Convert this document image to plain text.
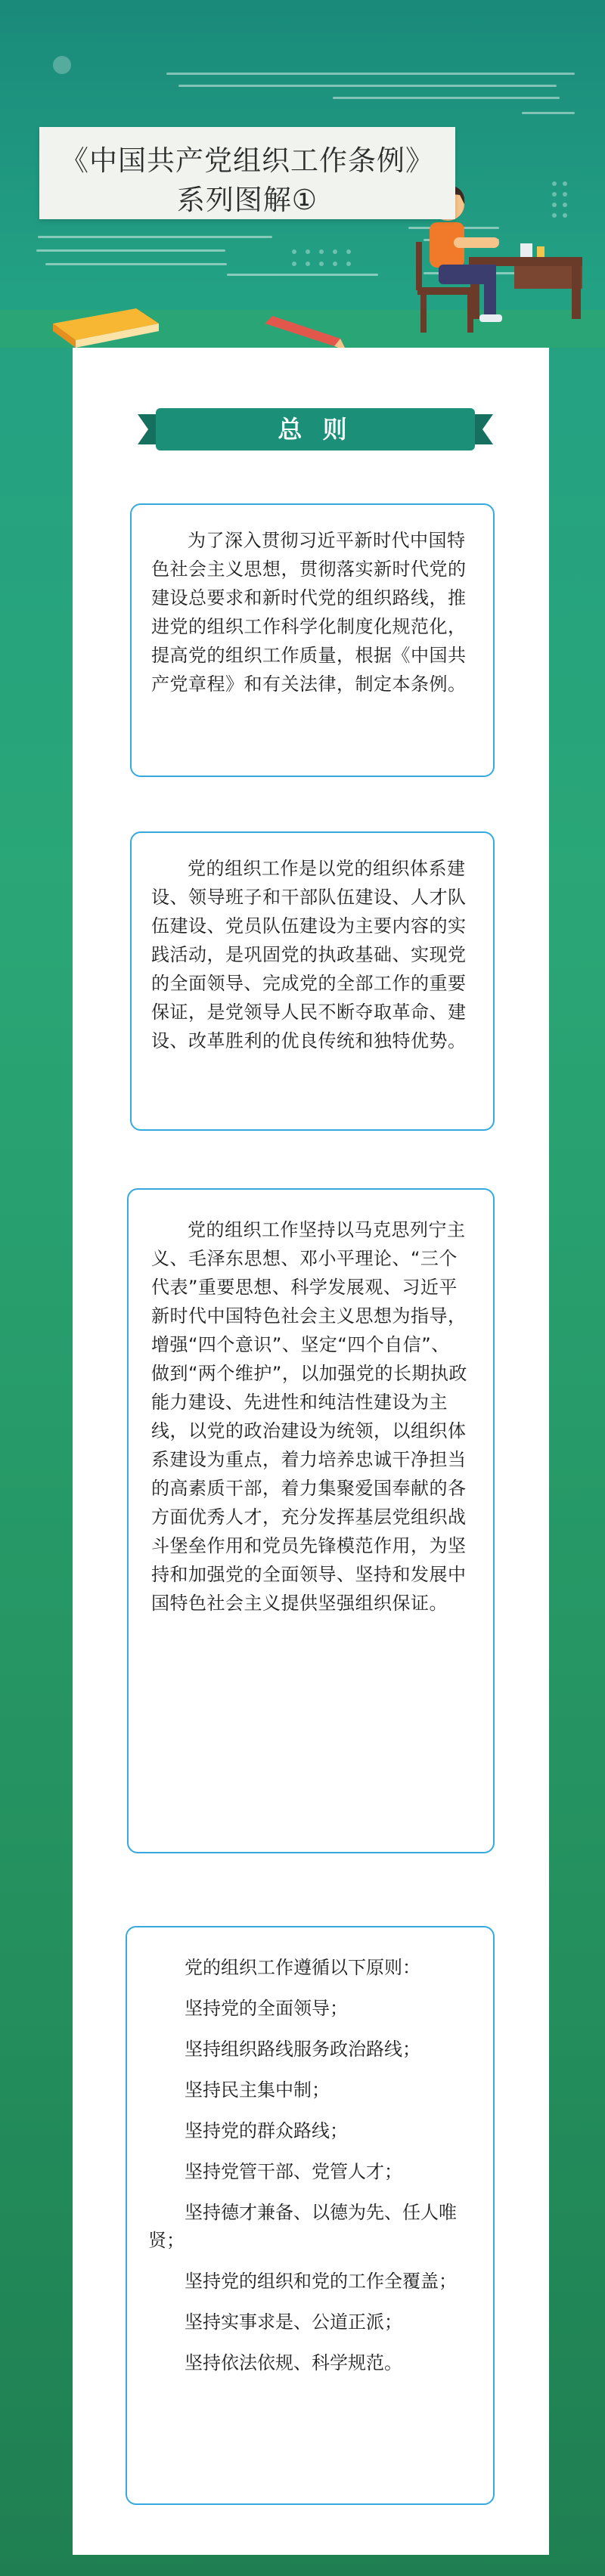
《中国共产党组织工作条例》
系列图解①
总 则

为了深入贯彻习近平新时代中国特色社会主义思想，贯彻落实新时代党的建设总要求和新时代党的组织路线，推进党的组织工作科学化制度化规范化，提高党的组织工作质量，根据《中国共产党章程》和有关法律，制定本条例。

党的组织工作是以党的组织体系建设、领导班子和干部队伍建设、人才队伍建设、党员队伍建设为主要内容的实践活动，是巩固党的执政基础、实现党的全面领导、完成党的全部工作的重要保证，是党领导人民不断夺取革命、建设、改革胜利的优良传统和独特优势。

党的组织工作坚持以马克思列宁主义、毛泽东思想、邓小平理论、“三个代表”重要思想、科学发展观、习近平新时代中国特色社会主义思想为指导，增强“四个意识”、坚定“四个自信”、做到“两个维护”，以加强党的长期执政能力建设、先进性和纯洁性建设为主线，以党的政治建设为统领，以组织体系建设为重点，着力培养忠诚干净担当的高素质干部，着力集聚爱国奉献的各方面优秀人才，充分发挥基层党组织战斗堡垒作用和党员先锋模范作用，为坚持和加强党的全面领导、坚持和发展中国特色社会主义提供坚强组织保证。

党的组织工作遵循以下原则：
坚持党的全面领导；
坚持组织路线服务政治路线；
坚持民主集中制；
坚持党的群众路线；
坚持党管干部、党管人才；
坚持德才兼备、以德为先、任人唯贤；
坚持党的组织和党的工作全覆盖；
坚持实事求是、公道正派；
坚持依法依规、科学规范。
